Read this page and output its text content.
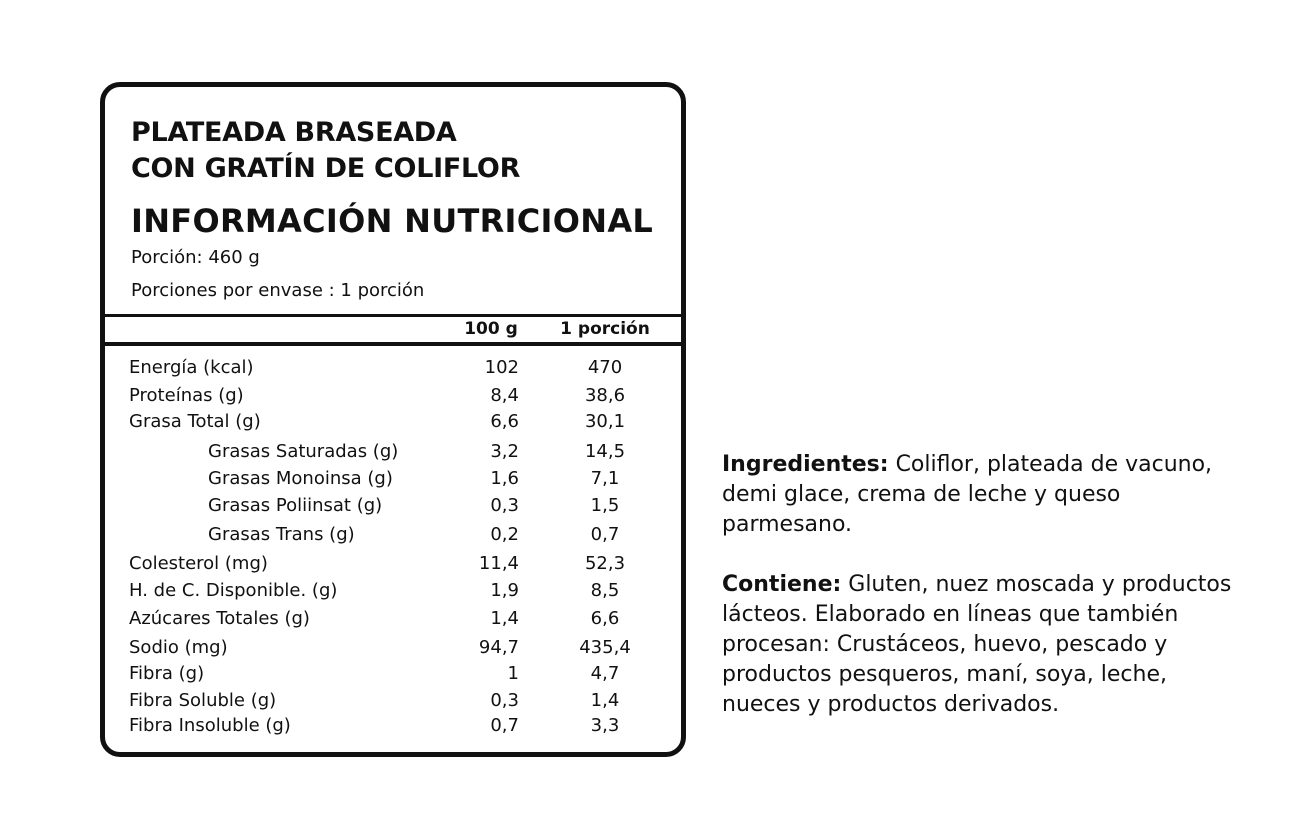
PLATEADA BRASEADA
CON GRATÍN DE COLIFLOR
INFORMACIÓN NUTRICIONAL
Porción: 460 g
Porciones por envase : 1 porción
100 g	1 porción
Energía (kcal)	102	470
Proteínas (g)	8,4	38,6
Grasa Total (g)	6,6	30,1
Grasas Saturadas (g)	3,2	14,5
Grasas Monoinsa (g)	1,6	7,1
Grasas Poliinsat (g)	0,3	1,5
Grasas Trans (g)	0,2	0,7
Colesterol (mg)	11,4	52,3
H. de C. Disponible. (g)	1,9	8,5
Azúcares Totales (g)	1,4	6,6
Sodio (mg)	94,7	435,4
Fibra (g)	1	4,7
Fibra Soluble (g)	0,3	1,4
Fibra Insoluble (g)	0,7	3,3
Ingredientes: Coliflor, plateada de vacuno, demi glace, crema de leche y queso parmesano.
Contiene: Gluten, nuez moscada y productos lácteos. Elaborado en líneas que también procesan: Crustáceos, huevo, pescado y productos pesqueros, maní, soya, leche, nueces y productos derivados.
